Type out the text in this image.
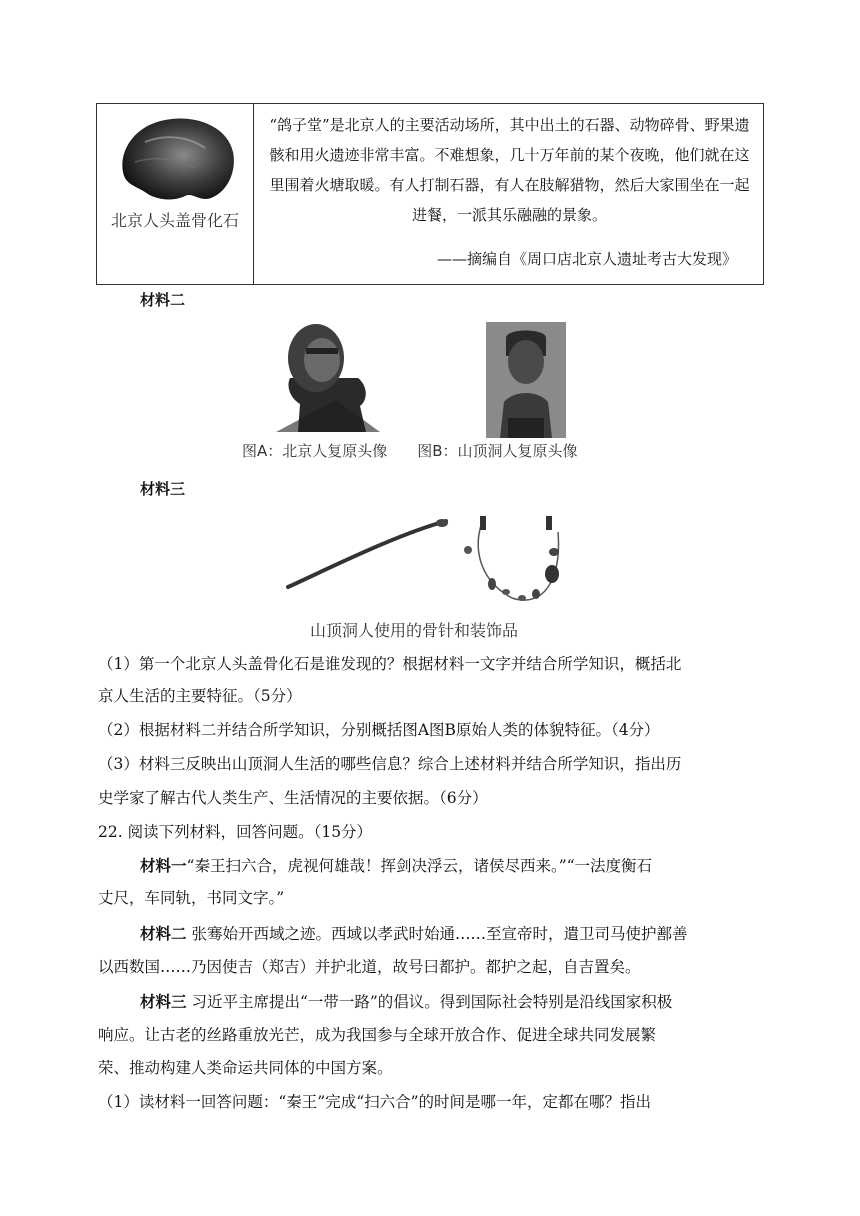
北京人头盖骨化石

“鸽子堂”是北京人的主要活动场所，其中出土的石器、动物碎骨、野果遗骸和用火遗迹非常丰富。不难想象，几十万年前的某个夜晚，他们就在这里围着火塘取暖。有人打制石器，有人在肢解猎物，然后大家围坐在一起进餐，一派其乐融融的景象。
——摘编自《周口店北京人遗址考古大发现》
材料二
图A：北京人复原头像　　图B：山顶洞人复原头像
材料三
山顶洞人使用的骨针和装饰品
（1）第一个北京人头盖骨化石是谁发现的？根据材料一文字并结合所学知识，概括北
京人生活的主要特征。（5分）
（2）根据材料二并结合所学知识，分别概括图A图B原始人类的体貌特征。（4分）
（3）材料三反映出山顶洞人生活的哪些信息？综合上述材料并结合所学知识，指出历
史学家了解古代人类生产、生活情况的主要依据。（6分）
22. 阅读下列材料，回答问题。（15分）
材料一“秦王扫六合，虎视何雄哉！挥剑决浮云，诸侯尽西来。”“一法度衡石
丈尺，车同轨，书同文字。”
材料二 张骞始开西域之迹。西域以孝武时始通……至宣帝时，遣卫司马使护鄯善
以西数国……乃因使吉（郑吉）并护北道，故号曰都护。都护之起，自吉置矣。
材料三 习近平主席提出“一带一路”的倡议。得到国际社会特别是沿线国家积极
响应。让古老的丝路重放光芒，成为我国参与全球开放合作、促进全球共同发展繁
荣、推动构建人类命运共同体的中国方案。
（1）读材料一回答问题：“秦王”完成“扫六合”的时间是哪一年，定都在哪？指出
